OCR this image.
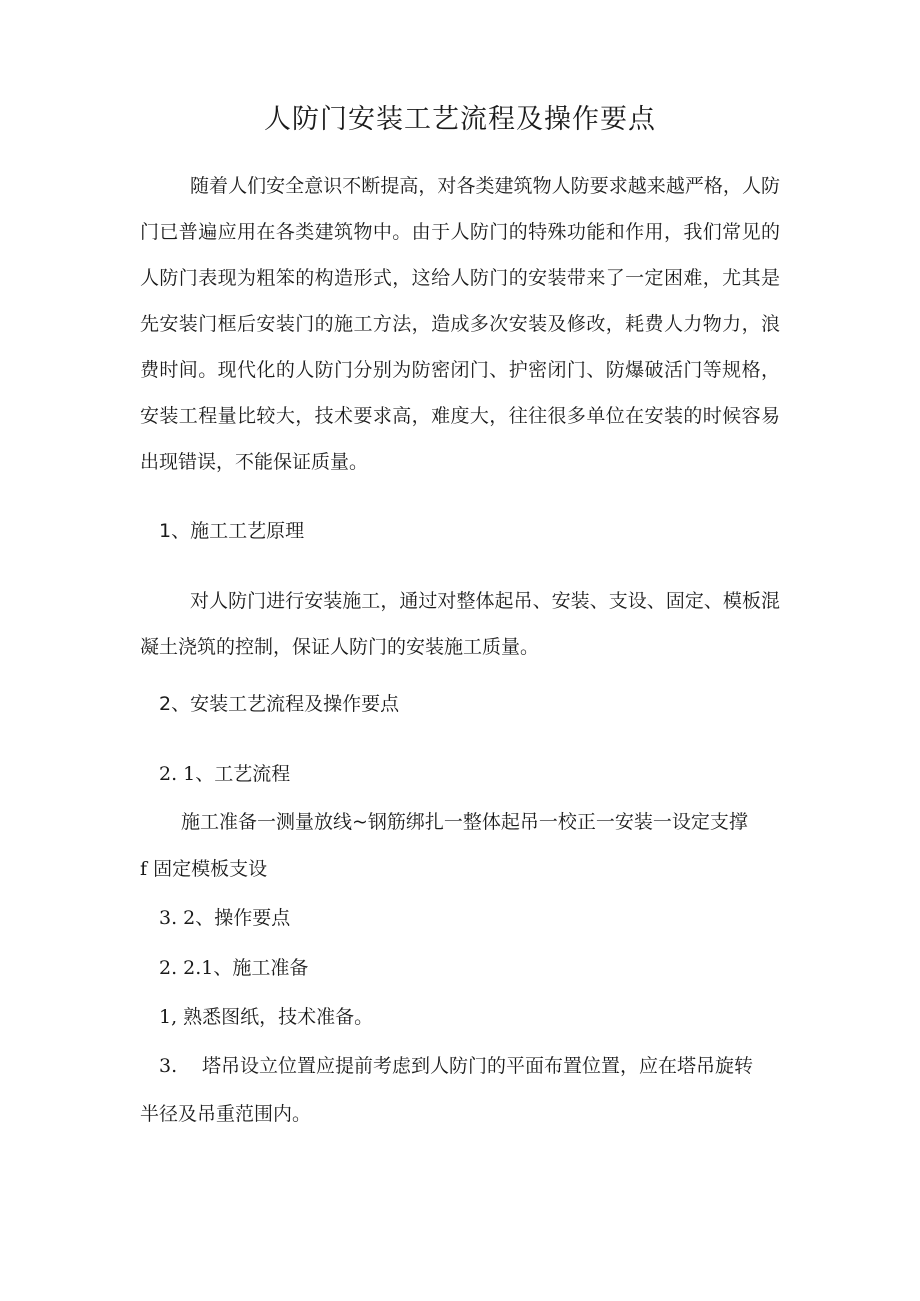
人防门安装工艺流程及操作要点

随着人们安全意识不断提高，对各类建筑物人防要求越来越严格，人防门已普遍应用在各类建筑物中。由于人防门的特殊功能和作用，我们常见的人防门表现为粗笨的构造形式，这给人防门的安装带来了一定困难，尤其是先安装门框后安装门的施工方法，造成多次安装及修改，耗费人力物力，浪费时间。现代化的人防门分别为防密闭门、护密闭门、防爆破活门等规格，安装工程量比较大，技术要求高，难度大，往往很多单位在安装的时候容易出现错误，不能保证质量。

1、施工工艺原理

对人防门进行安装施工，通过对整体起吊、安装、支设、固定、模板混凝土浇筑的控制，保证人防门的安装施工质量。

2、安装工艺流程及操作要点
2. 1、工艺流程
施工准备一测量放线~钢筋绑扎一整体起吊一校正一安装一设定支撑
f 固定模板支设
3. 2、操作要点
2. 2.1、施工准备
1, 熟悉图纸，技术准备。
3. 塔吊设立位置应提前考虑到人防门的平面布置位置，应在塔吊旋转
半径及吊重范围内。
